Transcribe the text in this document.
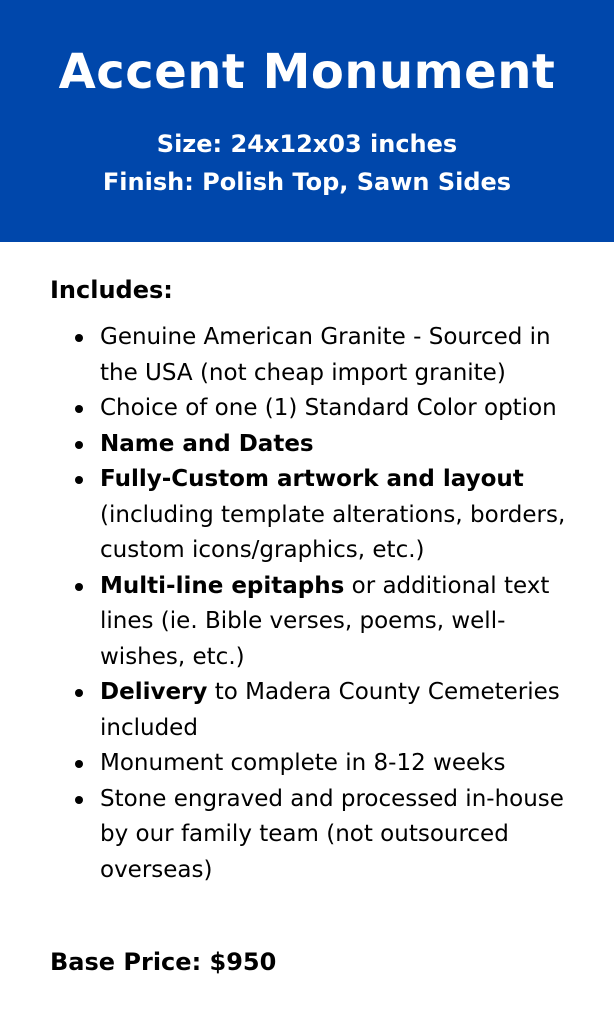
Accent Monument
Size: 24x12x03 inches
Finish: Polish Top, Sawn Sides
Includes:
Genuine American Granite - Sourced in the USA (not cheap import granite)
Choice of one (1) Standard Color option
Name and Dates
Fully-Custom artwork and layout (including template alterations, borders, custom icons/graphics, etc.)
Multi-line epitaphs or additional text lines (ie. Bible verses, poems, well-wishes, etc.)
Delivery to Madera County Cemeteries included
Monument complete in 8-12 weeks
Stone engraved and processed in-house by our family team (not outsourced overseas)
Base Price: $950
